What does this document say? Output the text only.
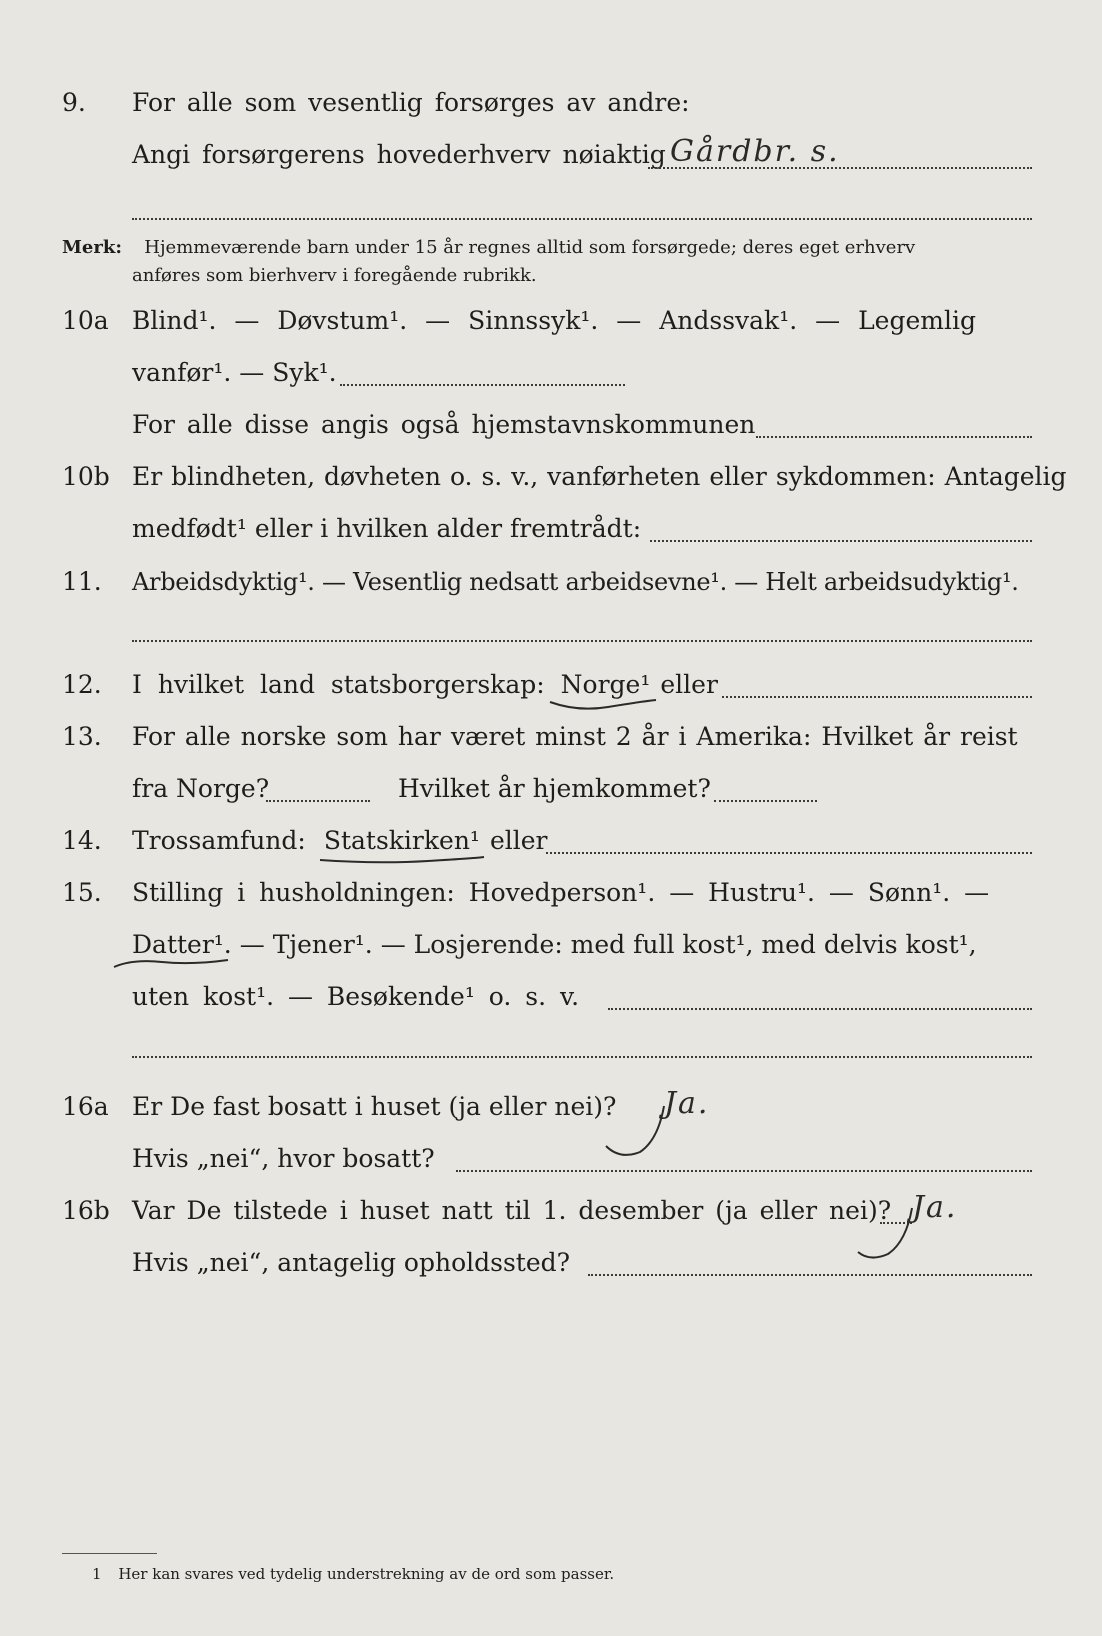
9. For alle som vesentlig forsørges av andre:
Angi forsørgerens hovederhverv nøiaktig Gårdbr. s.
Merk: Hjemmeværende barn under 15 år regnes alltid som forsørgede; deres eget erhverv
anføres som bierhverv i foregående rubrikk.
10a Blind¹. — Døvstum¹. — Sinnssyk¹. — Andssvak¹. — Legemlig
vanfør¹. — Syk¹.
For alle disse angis også hjemstavnskommunen
10b Er blindheten, døvheten o. s. v., vanførheten eller sykdommen: Antagelig
medfødt¹ eller i hvilken alder fremtrådt:
11. Arbeidsdyktig¹. — Vesentlig nedsatt arbeidsevne¹. — Helt arbeidsudyktig¹.
12. I hvilket land statsborgerskap: Norge¹ eller
13. For alle norske som har været minst 2 år i Amerika: Hvilket år reist
fra Norge?	Hvilket år hjemkommet?
14. Trossamfund: Statskirken¹ eller
15. Stilling i husholdningen: Hovedperson¹. — Hustru¹. — Sønn¹. —
Datter¹. — Tjener¹. — Losjerende: med full kost¹, med delvis kost¹,
uten kost¹. — Besøkende¹ o. s. v.
16a Er De fast bosatt i huset (ja eller nei)? Ja.
Hvis „nei“, hvor bosatt?
16b Var De tilstede i huset natt til 1. desember (ja eller nei)? Ja.
Hvis „nei“, antagelig opholdssted?
1 Her kan svares ved tydelig understrekning av de ord som passer.
